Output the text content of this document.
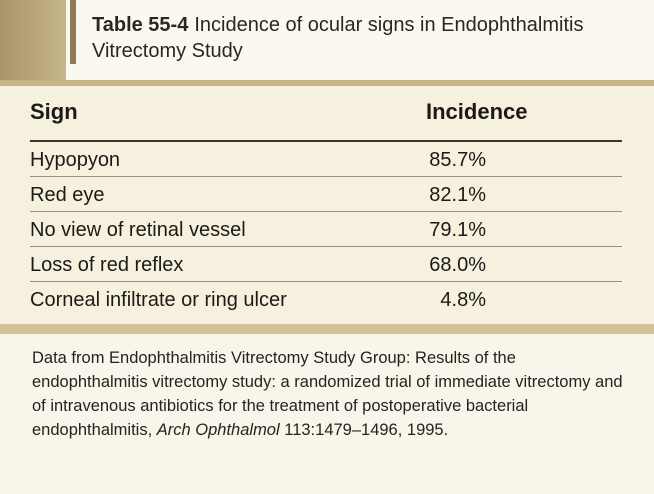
Table 55-4 Incidence of ocular signs in Endophthalmitis Vitrectomy Study
Sign	Incidence
Hypopyon	85.7%
Red eye	82.1%
No view of retinal vessel	79.1%
Loss of red reflex	68.0%
Corneal infiltrate or ring ulcer	4.8%
Data from Endophthalmitis Vitrectomy Study Group: Results of the endophthalmitis vitrectomy study: a randomized trial of immediate vitrectomy and of intravenous antibiotics for the treatment of postoperative bacterial endophthalmitis, Arch Ophthalmol 113:1479–1496, 1995.
